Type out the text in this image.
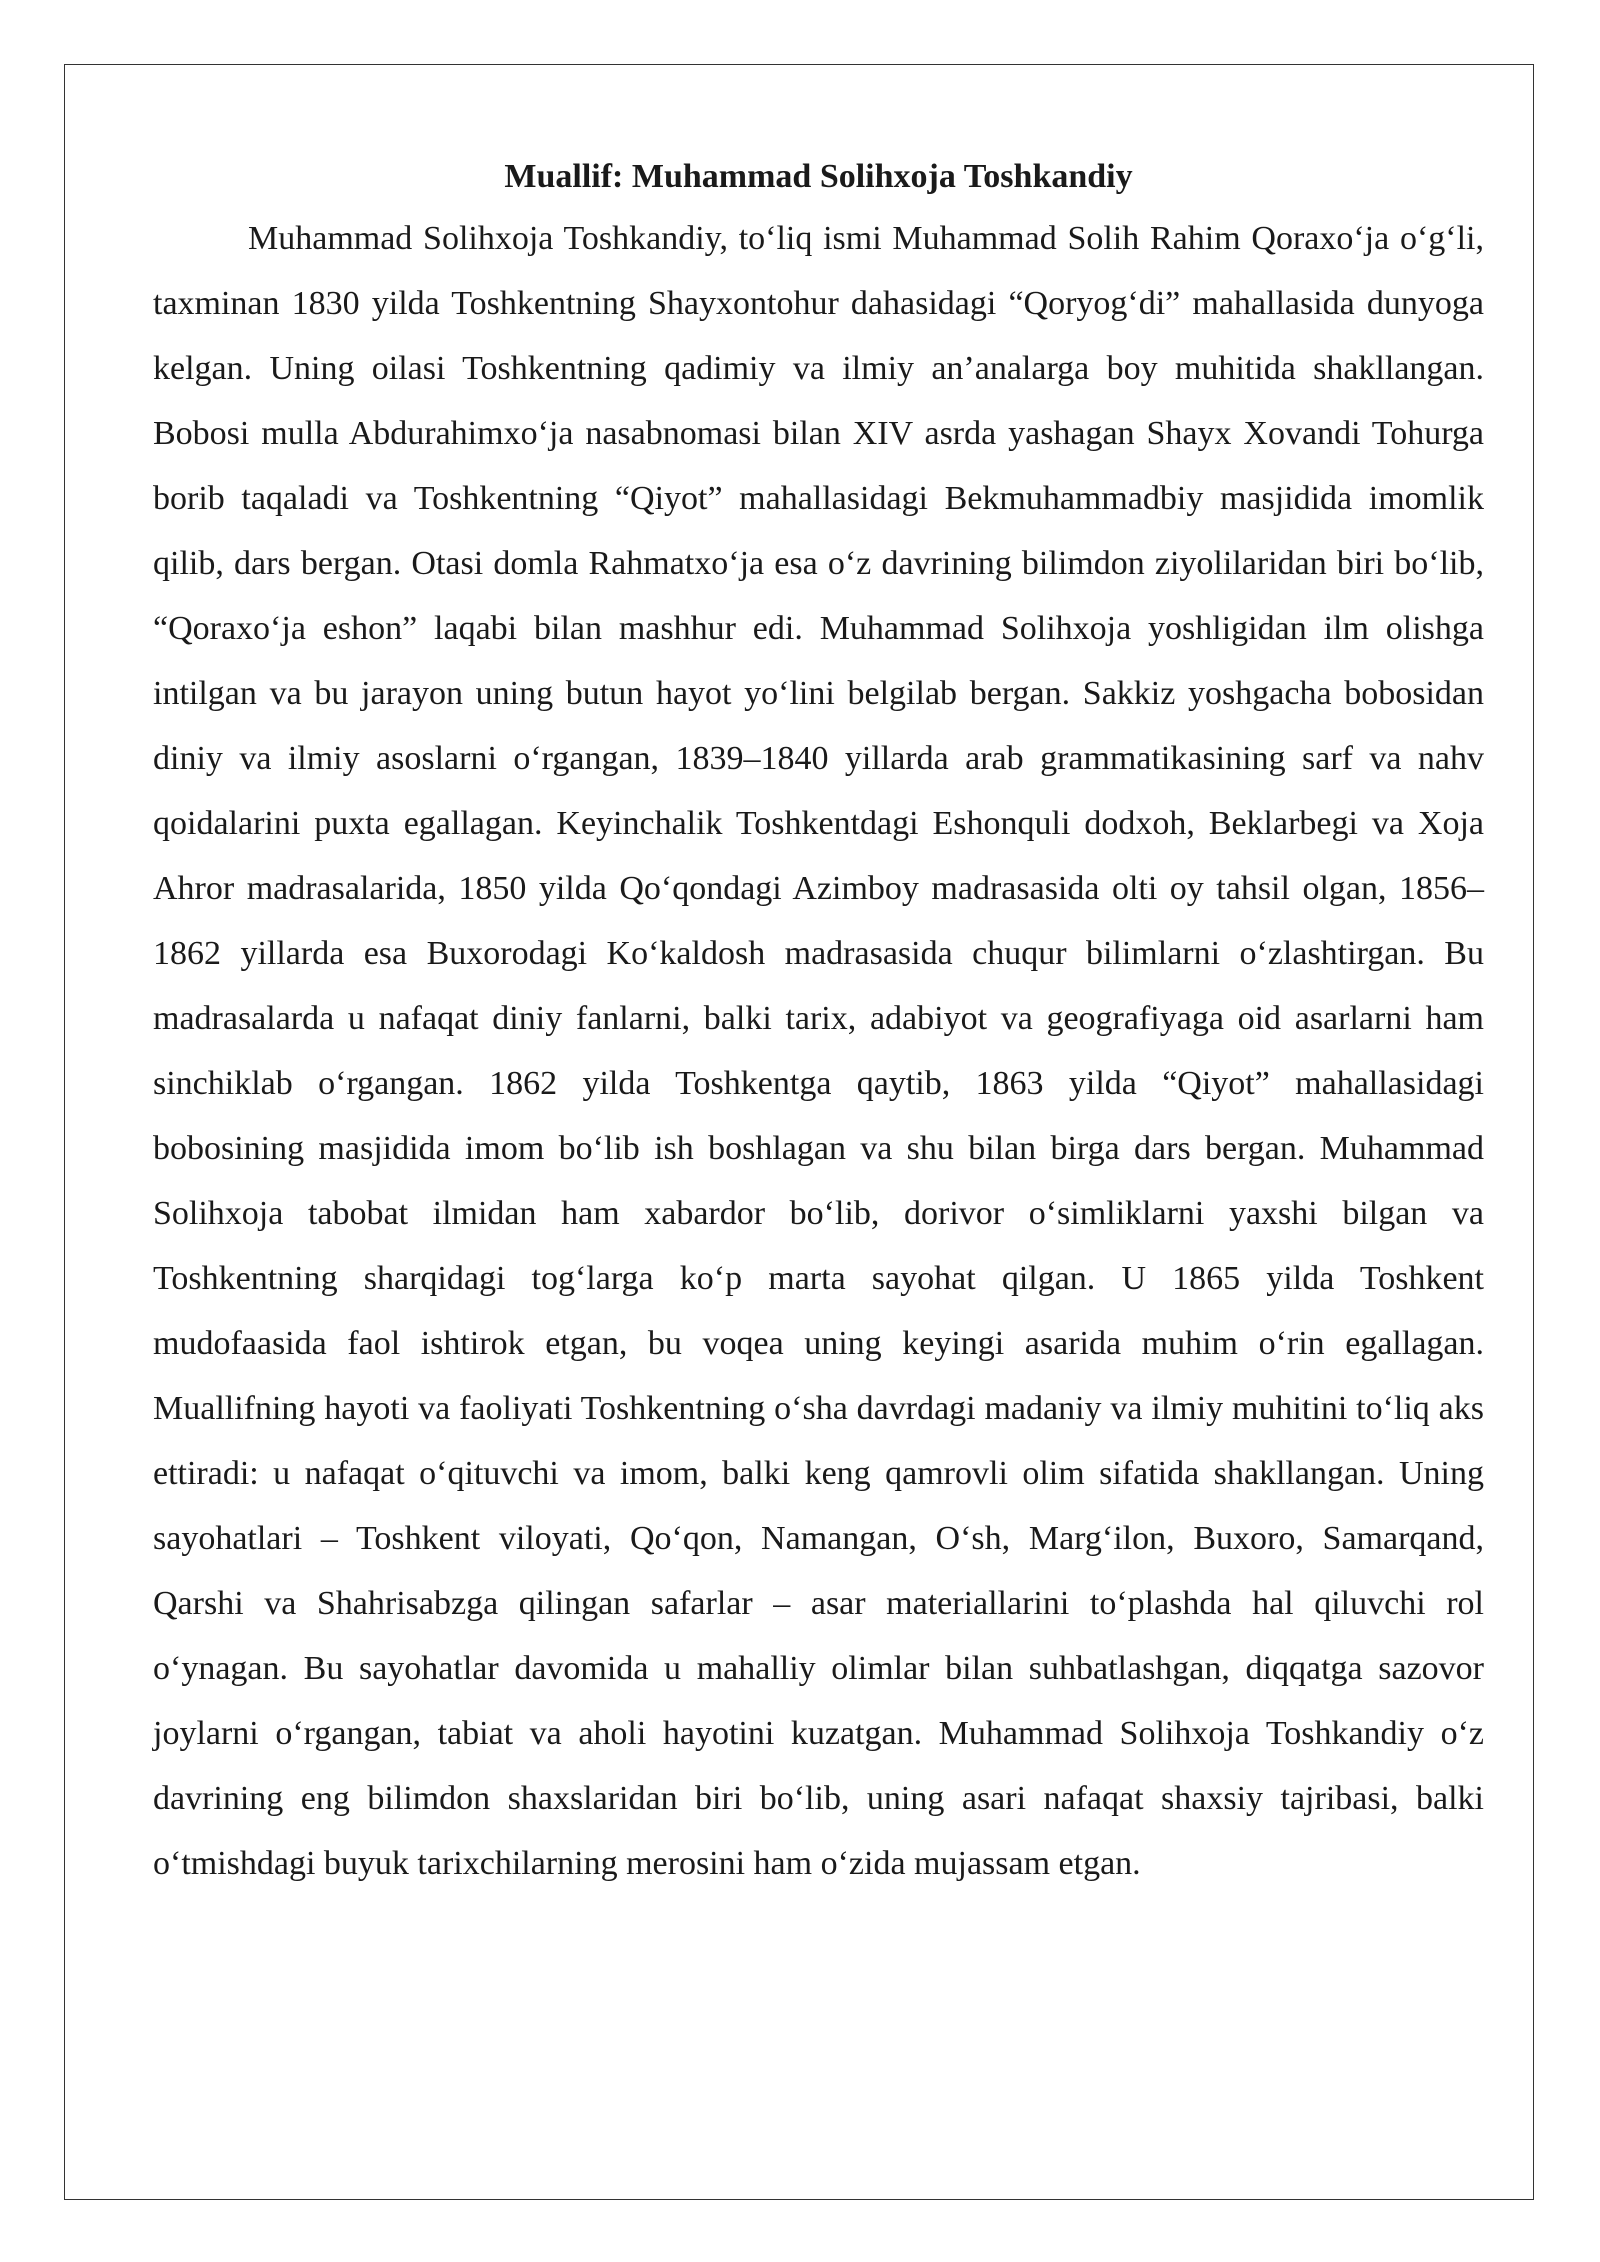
Muallif: Muhammad Solihxoja Toshkandiy

Muhammad Solihxoja Toshkandiy, to‘liq ismi Muhammad Solih Rahim Qoraxo‘ja o‘g‘li, taxminan 1830 yilda Toshkentning Shayxontohur dahasidagi “Qoryog‘di” mahallasida dunyoga kelgan. Uning oilasi Toshkentning qadimiy va ilmiy an’analarga boy muhitida shakllangan. Bobosi mulla Abdurahimxo‘ja nasabnomasi bilan XIV asrda yashagan Shayx Xovandi Tohurga borib taqaladi va Toshkentning “Qiyot” mahallasidagi Bekmuhammadbiy masjidida imomlik qilib, dars bergan. Otasi domla Rahmatxo‘ja esa o‘z davrining bilimdon ziyolilaridan biri bo‘lib, “Qoraxo‘ja eshon” laqabi bilan mashhur edi. Muhammad Solihxoja yoshligidan ilm olishga intilgan va bu jarayon uning butun hayot yo‘lini belgilab bergan. Sakkiz yoshgacha bobosidan diniy va ilmiy asoslarni o‘rgangan, 1839–1840 yillarda arab grammatikasining sarf va nahv qoidalarini puxta egallagan. Keyinchalik Toshkentdagi Eshonquli dodxoh, Beklarbegi va Xoja Ahror madrasalarida, 1850 yilda Qo‘qondagi Azimboy madrasasida olti oy tahsil olgan, 1856–1862 yillarda esa Buxorodagi Ko‘kaldosh madrasasida chuqur bilimlarni o‘zlashtirgan. Bu madrasalarda u nafaqat diniy fanlarni, balki tarix, adabiyot va geografiyaga oid asarlarni ham sinchiklab o‘rgangan. 1862 yilda Toshkentga qaytib, 1863 yilda “Qiyot” mahallasidagi bobosining masjidida imom bo‘lib ish boshlagan va shu bilan birga dars bergan. Muhammad Solihxoja tabobat ilmidan ham xabardor bo‘lib, dorivor o‘simliklarni yaxshi bilgan va Toshkentning sharqidagi tog‘larga ko‘p marta sayohat qilgan. U 1865 yilda Toshkent mudofaasida faol ishtirok etgan, bu voqea uning keyingi asarida muhim o‘rin egallagan. Muallifning hayoti va faoliyati Toshkentning o‘sha davrdagi madaniy va ilmiy muhitini to‘liq aks ettiradi: u nafaqat o‘qituvchi va imom, balki keng qamrovli olim sifatida shakllangan. Uning sayohatlari – Toshkent viloyati, Qo‘qon, Namangan, O‘sh, Marg‘ilon, Buxoro, Samarqand, Qarshi va Shahrisabzga qilingan safarlar – asar materiallarini to‘plashda hal qiluvchi rol o‘ynagan. Bu sayohatlar davomida u mahalliy olimlar bilan suhbatlashgan, diqqatga sazovor joylarni o‘rgangan, tabiat va aholi hayotini kuzatgan. Muhammad Solihxoja Toshkandiy o‘z davrining eng bilimdon shaxslaridan biri bo‘lib, uning asari nafaqat shaxsiy tajribasi, balki o‘tmishdagi buyuk tarixchilarning merosini ham o‘zida mujassam etgan.
